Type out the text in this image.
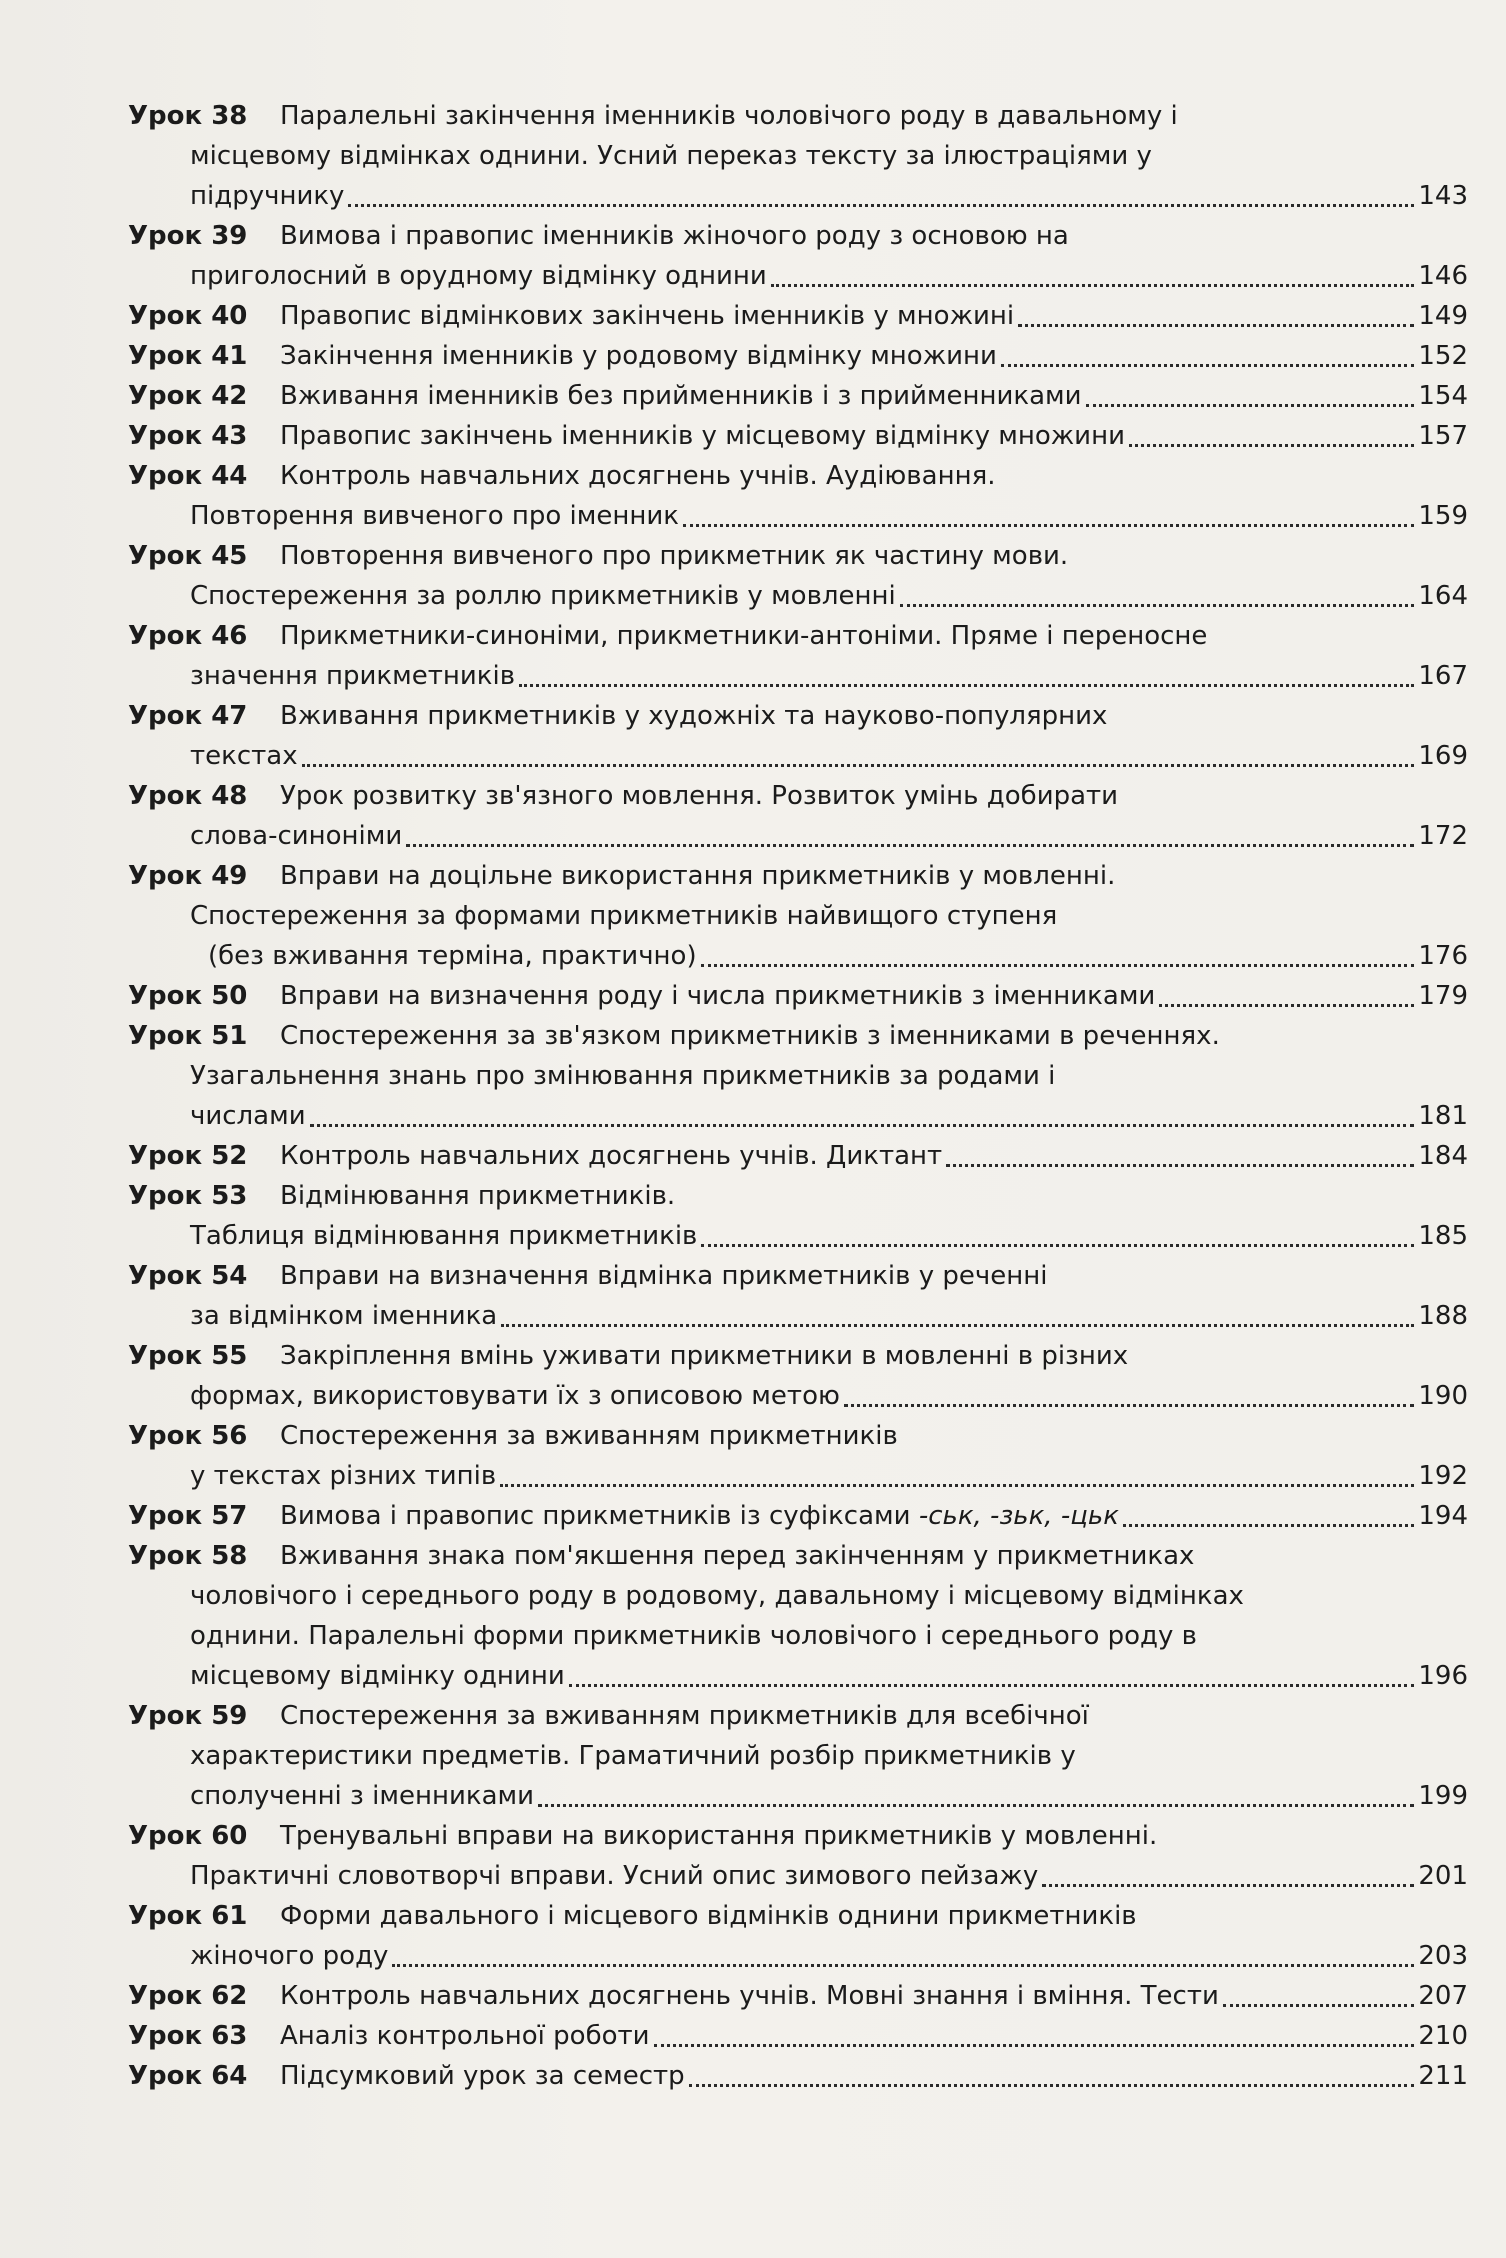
Урок 38	Паралельні закінчення іменників чоловічого роду в давальному і
місцевому відмінках однини. Усний переказ тексту за ілюстраціями у
підручнику	143
Урок 39	Вимова і правопис іменників жіночого роду з основою на
приголосний в орудному відмінку однини	146
Урок 40	Правопис відмінкових закінчень іменників у множині	149
Урок 41	Закінчення іменників у родовому відмінку множини	152
Урок 42	Вживання іменників без прийменників і з прийменниками	154
Урок 43	Правопис закінчень іменників у місцевому відмінку множини	157
Урок 44	Контроль навчальних досягнень учнів. Аудіювання.
Повторення вивченого про іменник	159
Урок 45	Повторення вивченого про прикметник як частину мови.
Спостереження за роллю прикметників у мовленні	164
Урок 46	Прикметники-синоніми, прикметники-антоніми. Пряме і переносне
значення прикметників	167
Урок 47	Вживання прикметників у художніх та науково-популярних
текстах	169
Урок 48	Урок розвитку зв'язного мовлення. Розвиток умінь добирати
слова-синоніми	172
Урок 49	Вправи на доцільне використання прикметників у мовленні.
Спостереження за формами прикметників найвищого ступеня
(без вживання терміна, практично)	176
Урок 50	Вправи на визначення роду і числа прикметників з іменниками	179
Урок 51	Спостереження за зв'язком прикметників з іменниками в реченнях.
Узагальнення знань про змінювання прикметників за родами і
числами	181
Урок 52	Контроль навчальних досягнень учнів. Диктант	184
Урок 53	Відмінювання прикметників.
Таблиця відмінювання прикметників	185
Урок 54	Вправи на визначення відмінка прикметників у реченні
за відмінком іменника	188
Урок 55	Закріплення вмінь уживати прикметники в мовленні в різних
формах, використовувати їх з описовою метою	190
Урок 56	Спостереження за вживанням прикметників
у текстах різних типів	192
Урок 57	Вимова і правопис прикметників із суфіксами -ськ, -зьк, -цьк	194
Урок 58	Вживання знака пом'якшення перед закінченням у прикметниках
чоловічого і середнього роду в родовому, давальному і місцевому відмінках
однини. Паралельні форми прикметників чоловічого і середнього роду в
місцевому відмінку однини	196
Урок 59	Спостереження за вживанням прикметників для всебічної
характеристики предметів. Граматичний розбір прикметників у
сполученні з іменниками	199
Урок 60	Тренувальні вправи на використання прикметників у мовленні.
Практичні словотворчі вправи. Усний опис зимового пейзажу	201
Урок 61	Форми давального і місцевого відмінків однини прикметників
жіночого роду	203
Урок 62	Контроль навчальних досягнень учнів. Мовні знання і вміння. Тести	207
Урок 63	Аналіз контрольної роботи	210
Урок 64	Підсумковий урок за семестр	211
